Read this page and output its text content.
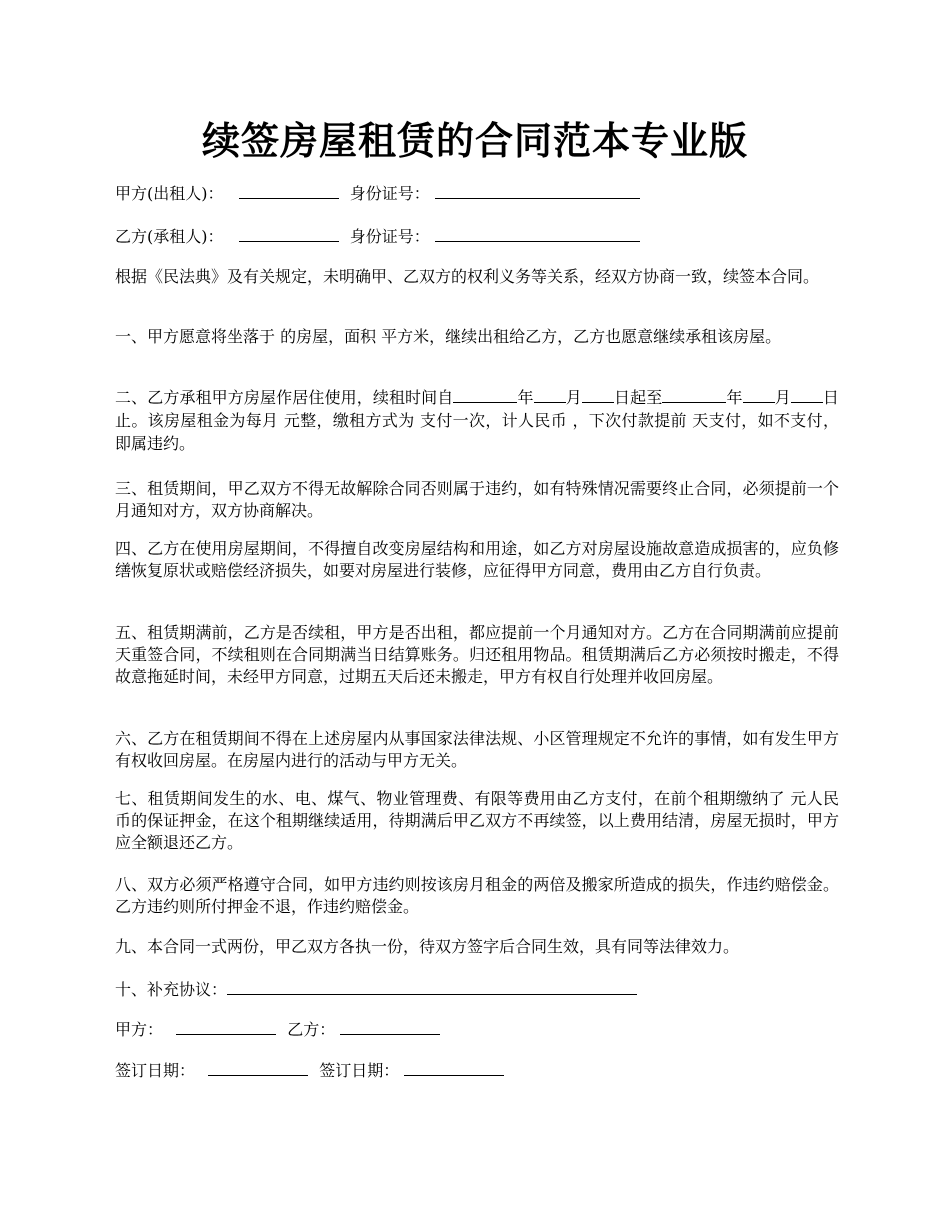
续签房屋租赁的合同范本专业版
甲方(出租人)：	身份证号：
乙方(承租人)：	身份证号：

根据《民法典》及有关规定，未明确甲、乙双方的权利义务等关系，经双方协商一致，续签本合同。

一、甲方愿意将坐落于 的房屋，面积 平方米，继续出租给乙方，乙方也愿意继续承租该房屋。

二、乙方承租甲方房屋作居住使用，续租时间自	年 月 日起至	年 月 日止。该房屋租金为每月 元整，缴租方式为 支付一次，计人民币 ，下次付款提前 天支付，如不支付，即属违约。

三、租赁期间，甲乙双方不得无故解除合同否则属于违约，如有特殊情况需要终止合同，必须提前一个月通知对方，双方协商解决。

四、乙方在使用房屋期间，不得擅自改变房屋结构和用途，如乙方对房屋设施故意造成损害的，应负修缮恢复原状或赔偿经济损失，如要对房屋进行装修，应征得甲方同意，费用由乙方自行负责。

五、租赁期满前，乙方是否续租，甲方是否出租，都应提前一个月通知对方。乙方在合同期满前应提前 天重签合同，不续租则在合同期满当日结算账务。归还租用物品。租赁期满后乙方必须按时搬走，不得故意拖延时间，未经甲方同意，过期五天后还未搬走，甲方有权自行处理并收回房屋。

六、乙方在租赁期间不得在上述房屋内从事国家法律法规、小区管理规定不允许的事情，如有发生甲方有权收回房屋。在房屋内进行的活动与甲方无关。

七、租赁期间发生的水、电、煤气、物业管理费、有限等费用由乙方支付，在前个租期缴纳了 元人民币的保证押金，在这个租期继续适用，待期满后甲乙双方不再续签，以上费用结清，房屋无损时，甲方应全额退还乙方。

八、双方必须严格遵守合同，如甲方违约则按该房月租金的两倍及搬家所造成的损失，作违约赔偿金。乙方违约则所付押金不退，作违约赔偿金。

九、本合同一式两份，甲乙双方各执一份，待双方签字后合同生效，具有同等法律效力。

十、补充协议：
甲方：	乙方：
签订日期：	签订日期：
